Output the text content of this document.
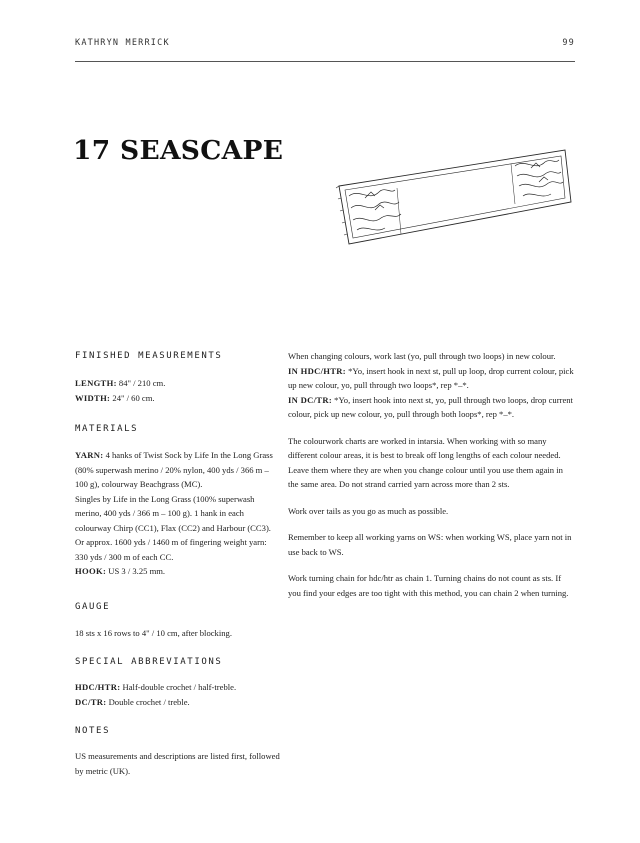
KATHRYN MERRICK	99
17 SEASCAPE
FINISHED MEASUREMENTS

LENGTH: 84" / 210 cm.

WIDTH: 24" / 60 cm.

MATERIALS

YARN: 4 hanks of Twist Sock by Life In the Long Grass (80% superwash merino / 20% nylon, 400 yds / 366 m – 100 g), colourway Beachgrass (MC).

Singles by Life in the Long Grass (100% superwash merino, 400 yds / 366 m – 100 g). 1 hank in each colourway Chirp (CC1), Flax (CC2) and Harbour (CC3). Or approx. 1600 yds / 1460 m of fingering weight yarn: 330 yds / 300 m of each CC.

HOOK: US 3 / 3.25 mm.

GAUGE

18 sts x 16 rows to 4" / 10 cm, after blocking.

SPECIAL ABBREVIATIONS

HDC/HTR: Half-double crochet / half-treble.

DC/TR: Double crochet / treble.

NOTES

US measurements and descriptions are listed first, followed by metric (UK).

When changing colours, work last (yo, pull through two loops) in new colour.

IN HDC/HTR: *Yo, insert hook in next st, pull up loop, drop current colour, pick up new colour, yo, pull through two loops*, rep *–*.

IN DC/TR: *Yo, insert hook into next st, yo, pull through two loops, drop current colour, pick up new colour, yo, pull through both loops*, rep *–*.

The colourwork charts are worked in intarsia. When working with so many different colour areas, it is best to break off long lengths of each colour needed. Leave them where they are when you change colour until you use them again in the same area. Do not strand carried yarn across more than 2 sts.

Work over tails as you go as much as possible.

Remember to keep all working yarns on WS: when working WS, place yarn not in use back to WS.

Work turning chain for hdc/htr as chain 1. Turning chains do not count as sts. If you find your edges are too tight with this method, you can chain 2 when turning.
